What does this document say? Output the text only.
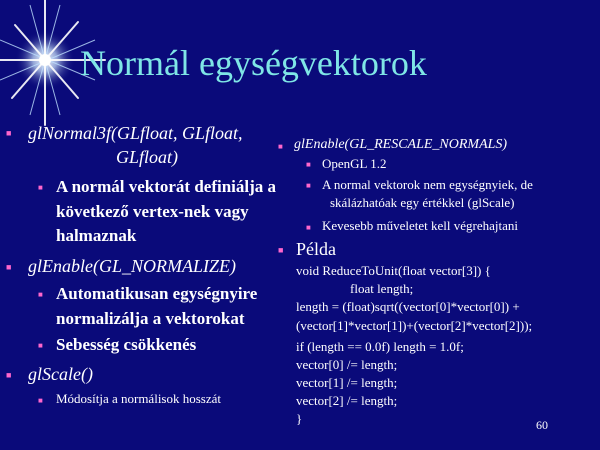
Normál egységvektorok
■ glNormal3f(GLfloat, GLfloat,
GLfloat)
■ A normál vektorát definiálja a
következő vertex-nek vagy
halmaznak
■ glEnable(GL_NORMALIZE)
■ Automatikusan egységnyire
normalizálja a vektorokat
■ Sebesség csökkenés
■ glScale()
■ Módosítja a normálisok hosszát
■ glEnable(GL_RESCALE_NORMALS)
■ OpenGL 1.2
■ A normal vektorok nem egységnyiek, de
skálázhatóak egy értékkel (glScale)
■ Kevesebb műveletet kell végrehajtani
■ Példa
void ReduceToUnit(float vector[3]) {
float length;
length = (float)sqrt((vector[0]*vector[0]) +
(vector[1]*vector[1])+(vector[2]*vector[2]));
if (length == 0.0f) length = 1.0f;
vector[0] /= length;
vector[1] /= length;
vector[2] /= length;
}	60
